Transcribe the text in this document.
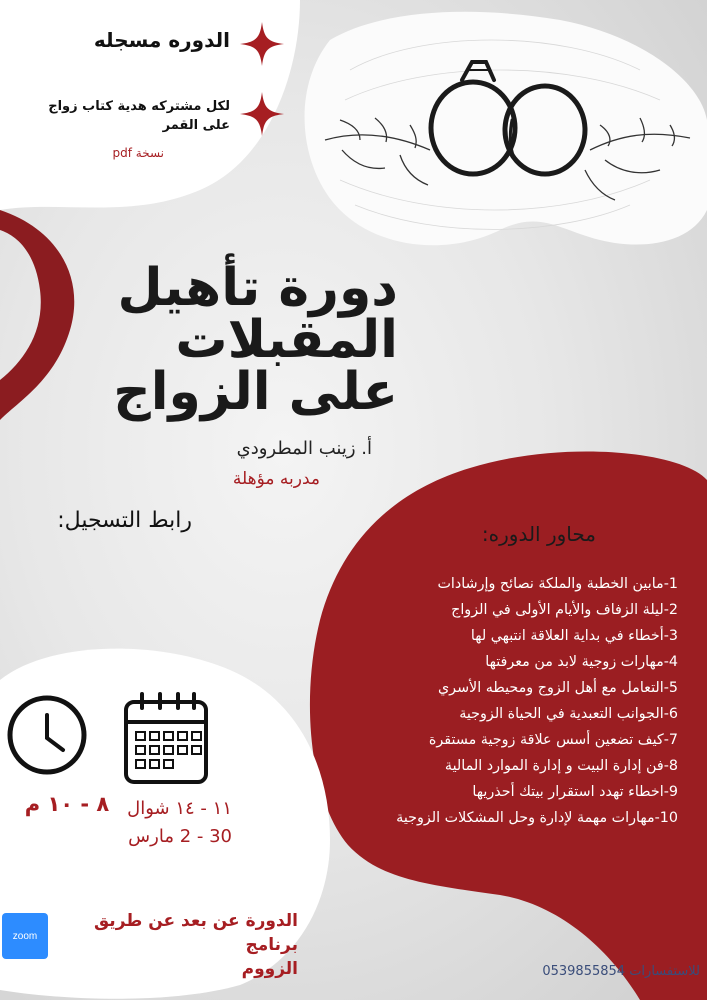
الدوره مسجله
لكل مشتركه هدية كتاب زواج
على القمر
نسخة pdf
دورة تأهيل
المقبلات
على الزواج
أ. زينب المطرودي
مدربه مؤهلة
رابط التسجيل:
محاور الدوره:
1-مابين الخطبة والملكة نصائح وإرشادات
2-ليلة الزفاف والأيام الأولى في الزواج
3-أخطاء في بداية العلاقة انتبهي لها
4-مهارات زوجية لابد من معرفتها
5-التعامل مع أهل الزوج ومحيطه الأسري
6-الجوانب التعبدية في الحياة الزوجية
7-كيف تضعين أسس علاقة زوجية مستقرة
8-فن إدارة البيت و إدارة الموارد المالية
9-اخطاء تهدد استقرار بيتك أحذريها
10-مهارات مهمة لإدارة وحل المشكلات الزوجية
٨ - ١٠ م ١١ - ١٤ شوال
30 - 2 مارس
zoom
الدورة عن بعد عن طريق برنامج
الزووم	للاستفسارات 0539855854
